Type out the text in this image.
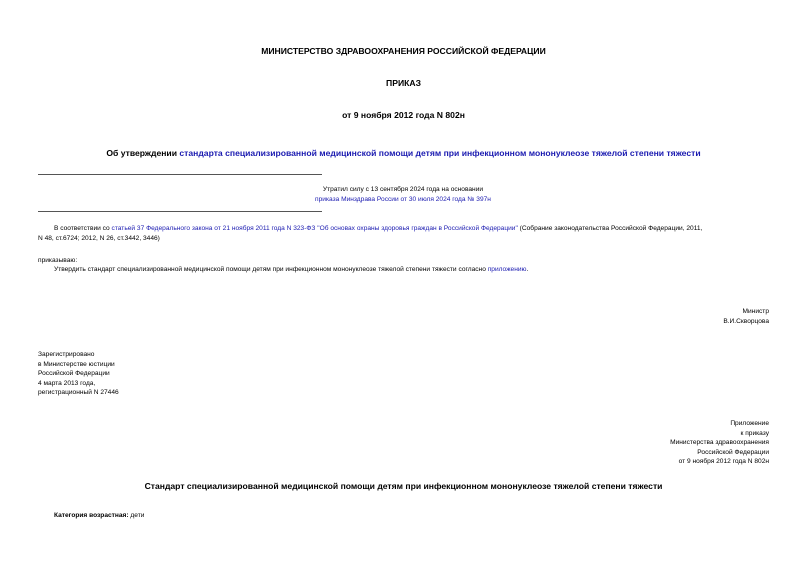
МИНИСТЕРСТВО ЗДРАВООХРАНЕНИЯ РОССИЙСКОЙ ФЕДЕРАЦИИ
ПРИКАЗ
от 9 ноября 2012 года N 802н
Об утверждении стандарта специализированной медицинской помощи детям при инфекционном мононуклеозе тяжелой степени тяжести
Утратил силу с 13 сентября 2024 года на основании
приказа Минздрава России от 30 июля 2024 года № 397н
В соответствии со статьей 37 Федерального закона от 21 ноября 2011 года N 323-ФЗ "Об основах охраны здоровья граждан в Российской Федерации" (Собрание законодательства Российской Федерации, 2011,
N 48, ст.6724; 2012, N 26, ст.3442, 3446)
приказываю:
Утвердить стандарт специализированной медицинской помощи детям при инфекционном мононуклеозе тяжелой степени тяжести согласно приложению.
Министр
В.И.Скворцова
Зарегистрировано
в Министерстве юстиции
Российской Федерации
4 марта 2013 года,
регистрационный N 27446
Приложение
к приказу
Министерства здравоохранения
Российской Федерации
от 9 ноября 2012 года N 802н
Стандарт специализированной медицинской помощи детям при инфекционном мононуклеозе тяжелой степени тяжести
Категория возрастная: дети
